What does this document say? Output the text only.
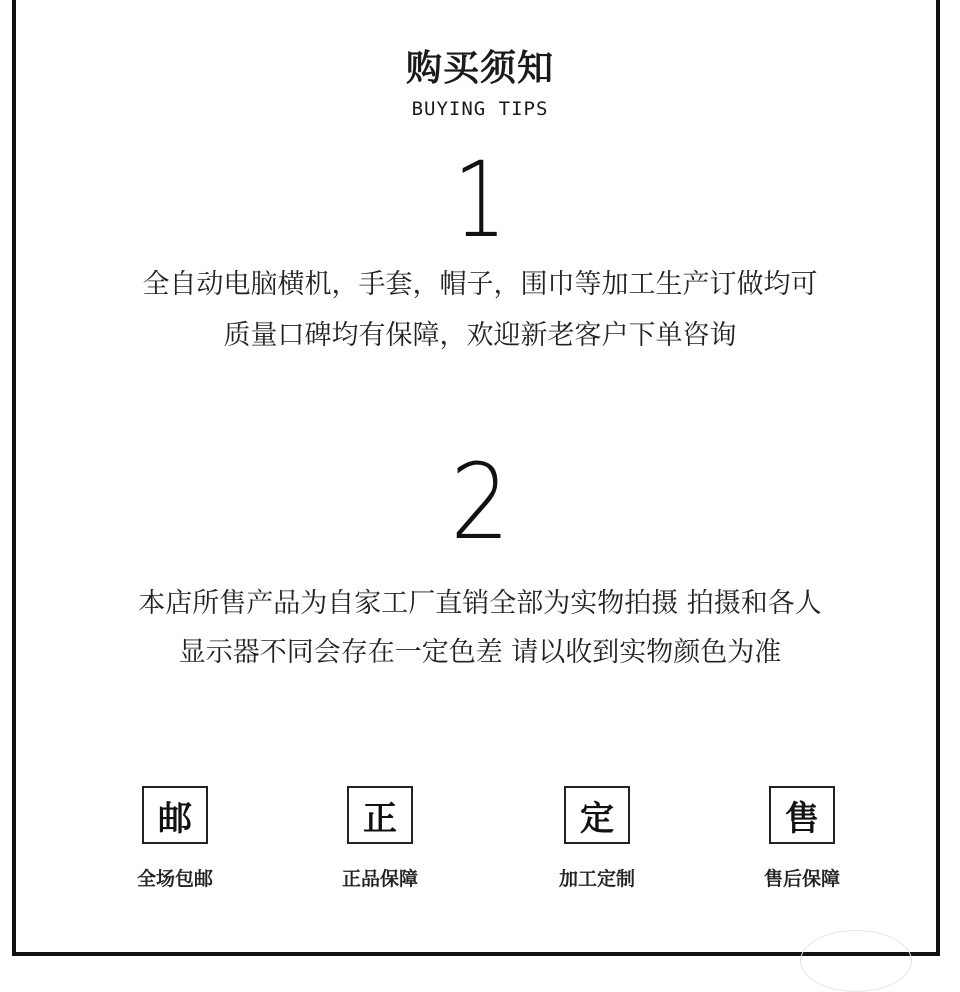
购买须知
BUYING TIPS
1
全自动电脑横机，手套，帽子，围巾等加工生产订做均可
质量口碑均有保障，欢迎新老客户下单咨询
2
本店所售产品为自家工厂直销全部为实物拍摄 拍摄和各人
显示器不同会存在一定色差 请以收到实物颜色为准
邮
全场包邮
正
正品保障
定
加工定制
售
售后保障
